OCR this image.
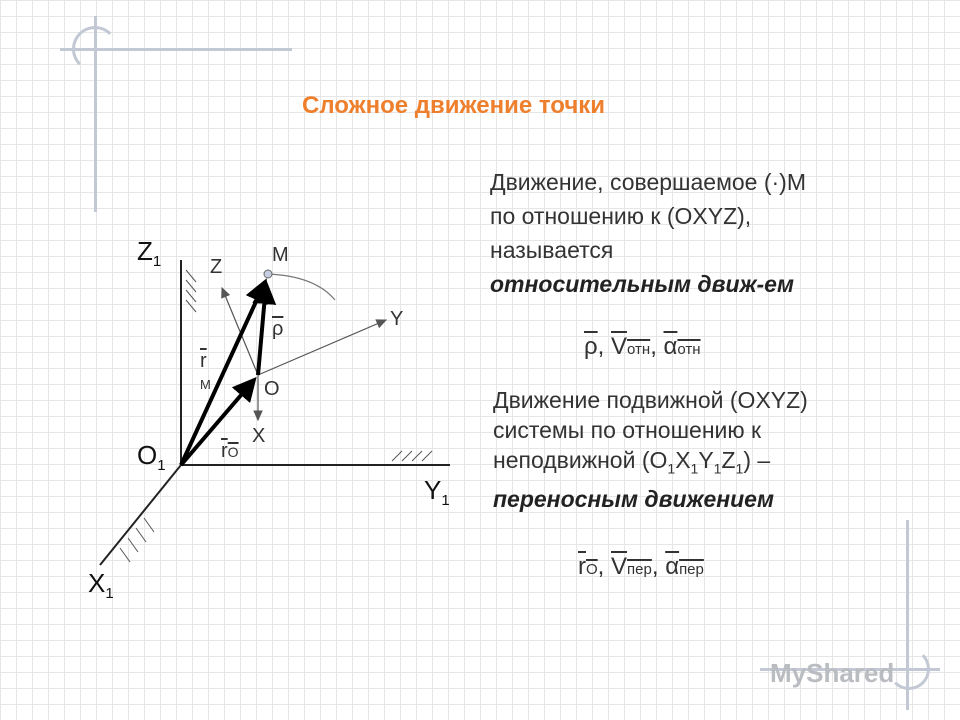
Сложное движение точки
Движение, совершаемое (·)M
по отношению к (OXYZ),
называется
относительным движ-ем
$\overline{\rho}$, Vотн, αотн
Движение подвижной (OXYZ)
системы по отношению к
неподвижной $(O_1X_1Y_1Z_1)$ –
переносным движением
rO, Vпер, αпер
$Z_1$
$O_1$
$Y_1$
$X_1$
Z
M
Y
O
X
$\overline{\rho}$
$\overline{r}$
M
rO
MyShared
